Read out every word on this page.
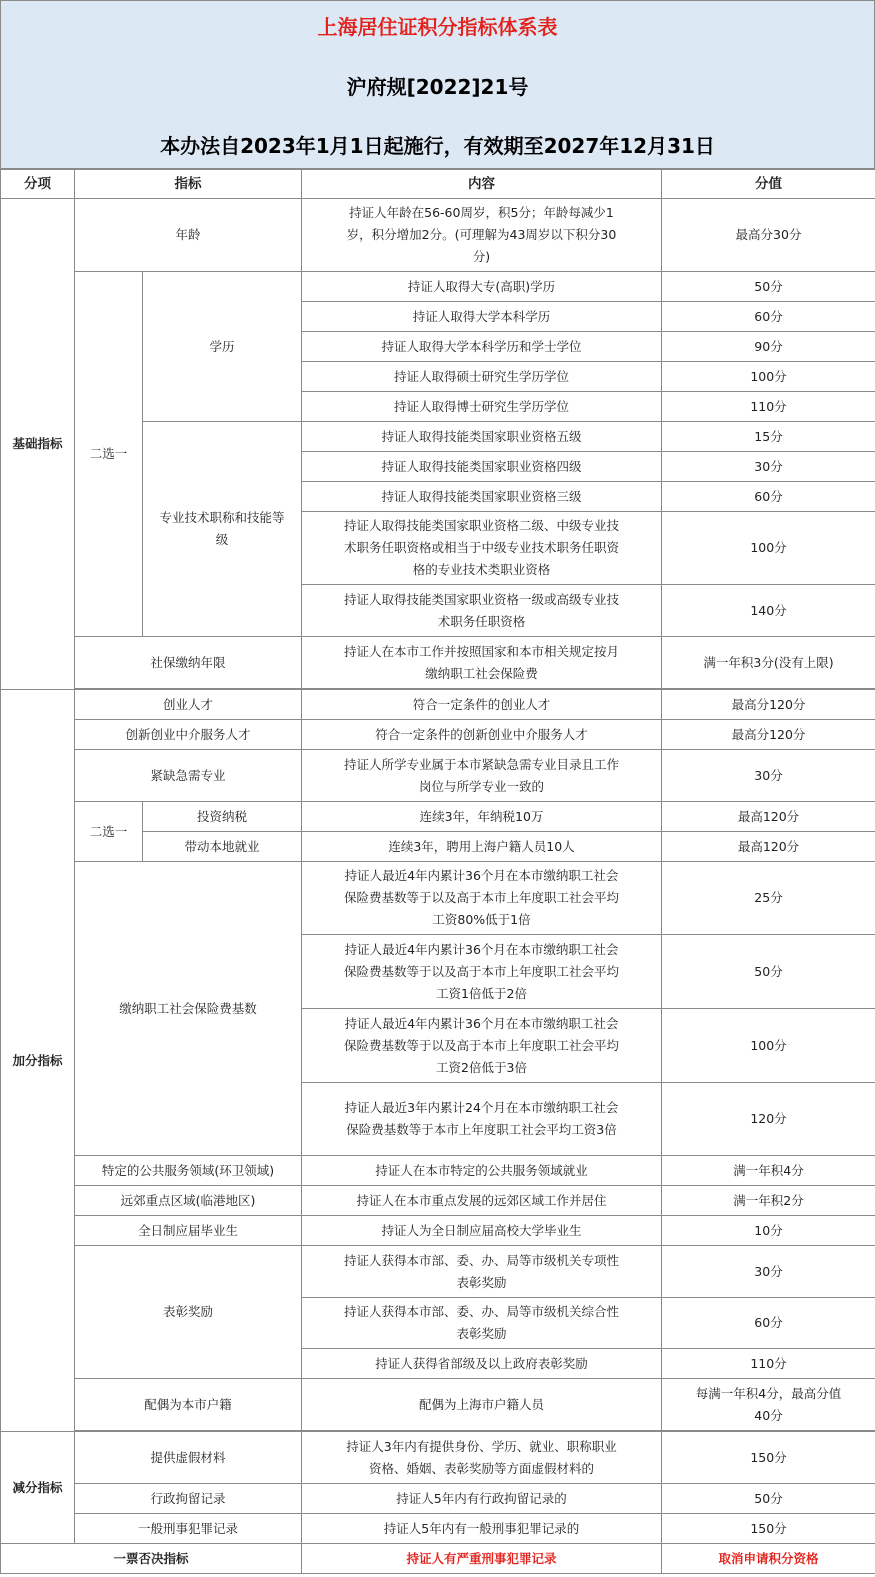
上海居住证积分指标体系表
沪府规[2022]21号
本办法自2023年1月1日起施行，有效期至2027年12月31日
分项	指标		内容	分值
基础指标	年龄		持证人年龄在56-60周岁，积5分；年龄每减少1岁，积分增加2分。(可理解为43周岁以下积分30分)	最高分30分
	二选一	学历	持证人取得大专(高职)学历	50分
			持证人取得大学本科学历	60分
			持证人取得大学本科学历和学士学位	90分
			持证人取得硕士研究生学历学位	100分
			持证人取得博士研究生学历学位	110分
		专业技术职称和技能等级	持证人取得技能类国家职业资格五级	15分
			持证人取得技能类国家职业资格四级	30分
			持证人取得技能类国家职业资格三级	60分
			持证人取得技能类国家职业资格二级、中级专业技术职务任职资格或相当于中级专业技术职务任职资格的专业技术类职业资格	100分
			持证人取得技能类国家职业资格一级或高级专业技术职务任职资格	140分
	社保缴纳年限		持证人在本市工作并按照国家和本市相关规定按月缴纳职工社会保险费	满一年积3分(没有上限)

加分指标	创业人才		符合一定条件的创业人才	最高分120分
	创新创业中介服务人才		符合一定条件的创新创业中介服务人才	最高分120分
	紧缺急需专业		持证人所学专业属于本市紧缺急需专业目录且工作岗位与所学专业一致的	30分
	二选一	投资纳税	连续3年，年纳税10万	最高120分
		带动本地就业	连续3年，聘用上海户籍人员10人	最高120分
	缴纳职工社会保险费基数		持证人最近4年内累计36个月在本市缴纳职工社会保险费基数等于以及高于本市上年度职工社会平均工资80%低于1倍	25分
			持证人最近4年内累计36个月在本市缴纳职工社会保险费基数等于以及高于本市上年度职工社会平均工资1倍低于2倍	50分
			持证人最近4年内累计36个月在本市缴纳职工社会保险费基数等于以及高于本市上年度职工社会平均工资2倍低于3倍	100分
			持证人最近3年内累计24个月在本市缴纳职工社会保险费基数等于本市上年度职工社会平均工资3倍	120分
	特定的公共服务领域(环卫领域)		持证人在本市特定的公共服务领域就业	满一年积4分
	远郊重点区域(临港地区)		持证人在本市重点发展的远郊区域工作并居住	满一年积2分
	全日制应届毕业生		持证人为全日制应届高校大学毕业生	10分
	表彰奖励		持证人获得本市部、委、办、局等市级机关专项性表彰奖励	30分
			持证人获得本市部、委、办、局等市级机关综合性表彰奖励	60分
			持证人获得省部级及以上政府表彰奖励	110分
	配偶为本市户籍		配偶为上海市户籍人员	每满一年积4分，最高分值40分

减分指标	提供虚假材料		持证人3年内有提供身份、学历、就业、职称职业资格、婚姻、表彰奖励等方面虚假材料的	150分
	行政拘留记录		持证人5年内有行政拘留记录的	50分
	一般刑事犯罪记录		持证人5年内有一般刑事犯罪记录的	150分
一票否决指标			持证人有严重刑事犯罪记录	取消申请积分资格
